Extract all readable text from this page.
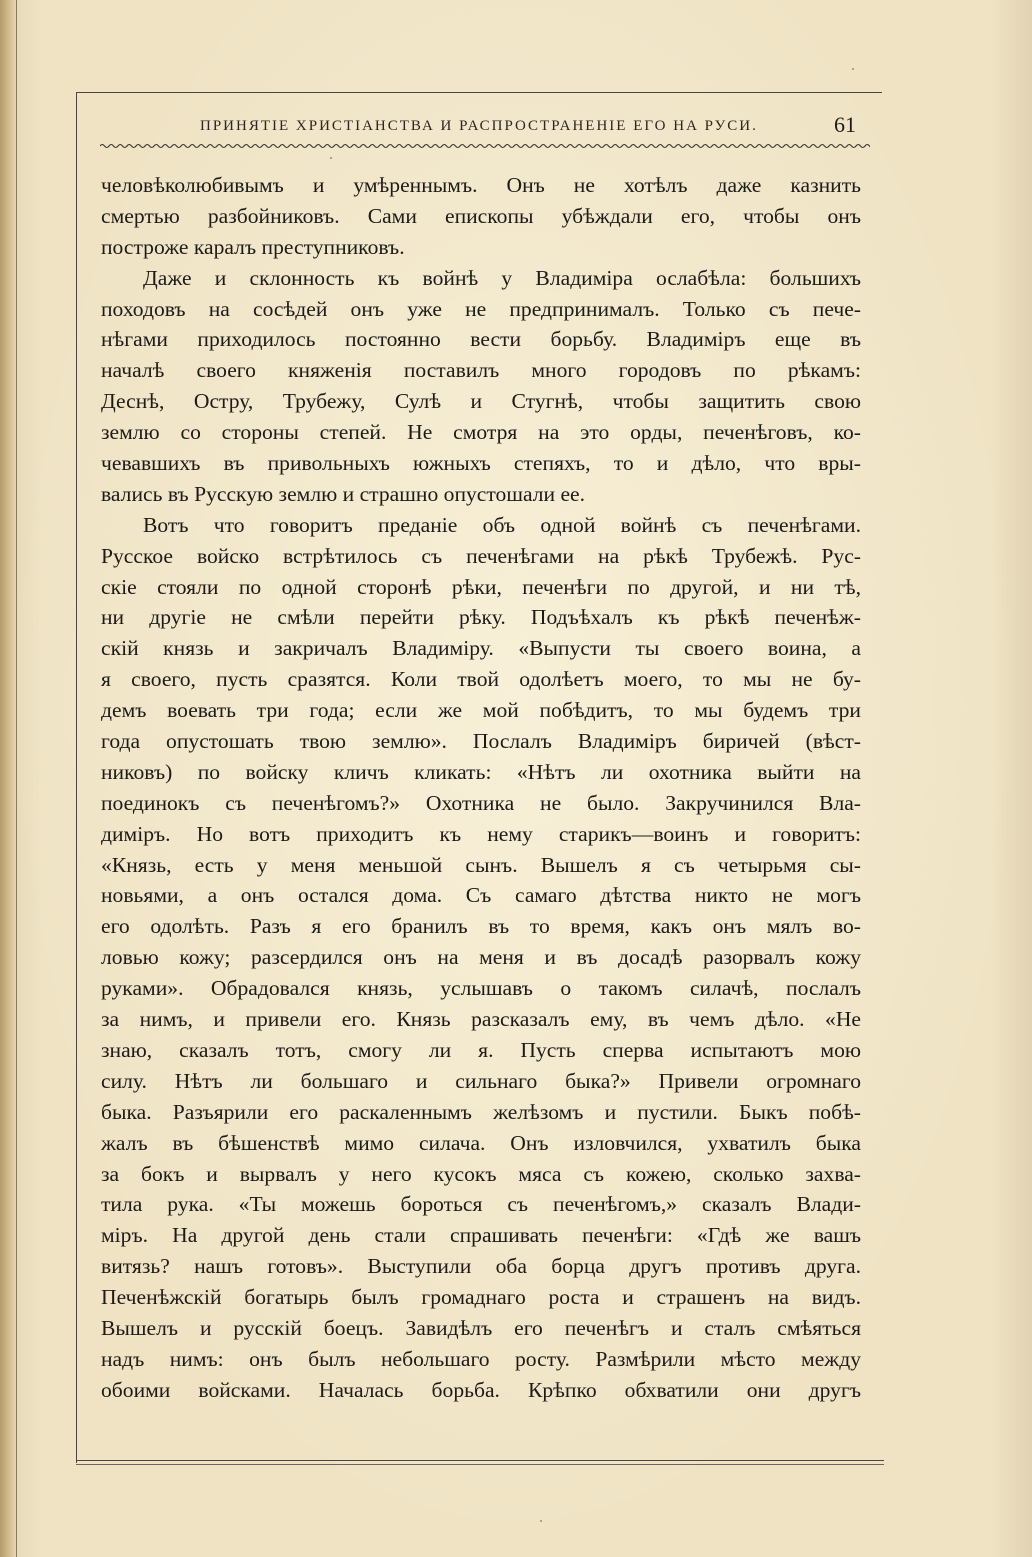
ПРИНЯТІЕ ХРИСТІАНСТВА И РАСПРОСТРАНЕНІЕ ЕГО НА РУСИ.	61
человѣколюбивымъ и умѣреннымъ. Онъ не хотѣлъ даже казнить
смертью разбойниковъ. Сами епископы убѣждали его, чтобы онъ
построже каралъ преступниковъ.
Даже и склонность къ войнѣ у Владиміра ослабѣла: большихъ
походовъ на сосѣдей онъ уже не предпринималъ. Только съ пече-
нѣгами приходилось постоянно вести борьбу. Владиміръ еще въ
началѣ своего княженія поставилъ много городовъ по рѣкамъ:
Деснѣ, Остру, Трубежу, Сулѣ и Стугнѣ, чтобы защитить свою
землю со стороны степей. Не смотря на это орды, печенѣговъ, ко-
чевавшихъ въ привольныхъ южныхъ степяхъ, то и дѣло, что вры-
вались въ Русскую землю и страшно опустошали ее.
Вотъ что говоритъ преданіе объ одной войнѣ съ печенѣгами.
Русское войско встрѣтилось съ печенѣгами на рѣкѣ Трубежѣ. Рус-
скіе стояли по одной сторонѣ рѣки, печенѣги по другой, и ни тѣ,
ни другіе не смѣли перейти рѣку. Подъѣхалъ къ рѣкѣ печенѣж-
скій князь и закричалъ Владиміру. «Выпусти ты своего воина, а
я своего, пусть сразятся. Коли твой одолѣетъ моего, то мы не бу-
демъ воевать три года; если же мой побѣдитъ, то мы будемъ три
года опустошать твою землю». Послалъ Владиміръ биричей (вѣст-
никовъ) по войску кличъ кликать: «Нѣтъ ли охотника выйти на
поединокъ съ печенѣгомъ?» Охотника не было. Закручинился Вла-
диміръ. Но вотъ приходитъ къ нему старикъ—воинъ и говоритъ:
«Князь, есть у меня меньшой сынъ. Вышелъ я съ четырьмя сы-
новьями, а онъ остался дома. Съ самаго дѣтства никто не могъ
его одолѣть. Разъ я его бранилъ въ то время, какъ онъ мялъ во-
ловью кожу; разсердился онъ на меня и въ досадѣ разорвалъ кожу
руками». Обрадовался князь, услышавъ о такомъ силачѣ, послалъ
за нимъ, и привели его. Князь разсказалъ ему, въ чемъ дѣло. «Не
знаю, сказалъ тотъ, смогу ли я. Пусть сперва испытаютъ мою
силу. Нѣтъ ли большаго и сильнаго быка?» Привели огромнаго
быка. Разъярили его раскаленнымъ желѣзомъ и пустили. Быкъ побѣ-
жалъ въ бѣшенствѣ мимо силача. Онъ изловчился, ухватилъ быка
за бокъ и вырвалъ у него кусокъ мяса съ кожею, сколько захва-
тила рука. «Ты можешь бороться съ печенѣгомъ,» сказалъ Влади-
міръ. На другой день стали спрашивать печенѣги: «Гдѣ же вашъ
витязь? нашъ готовъ». Выступили оба борца другъ противъ друга.
Печенѣжскій богатырь былъ громаднаго роста и страшенъ на видъ.
Вышелъ и русскій боецъ. Завидѣлъ его печенѣгъ и сталъ смѣяться
надъ нимъ: онъ былъ небольшаго росту. Размѣрили мѣсто между
обоими войсками. Началась борьба. Крѣпко обхватили они другъ
